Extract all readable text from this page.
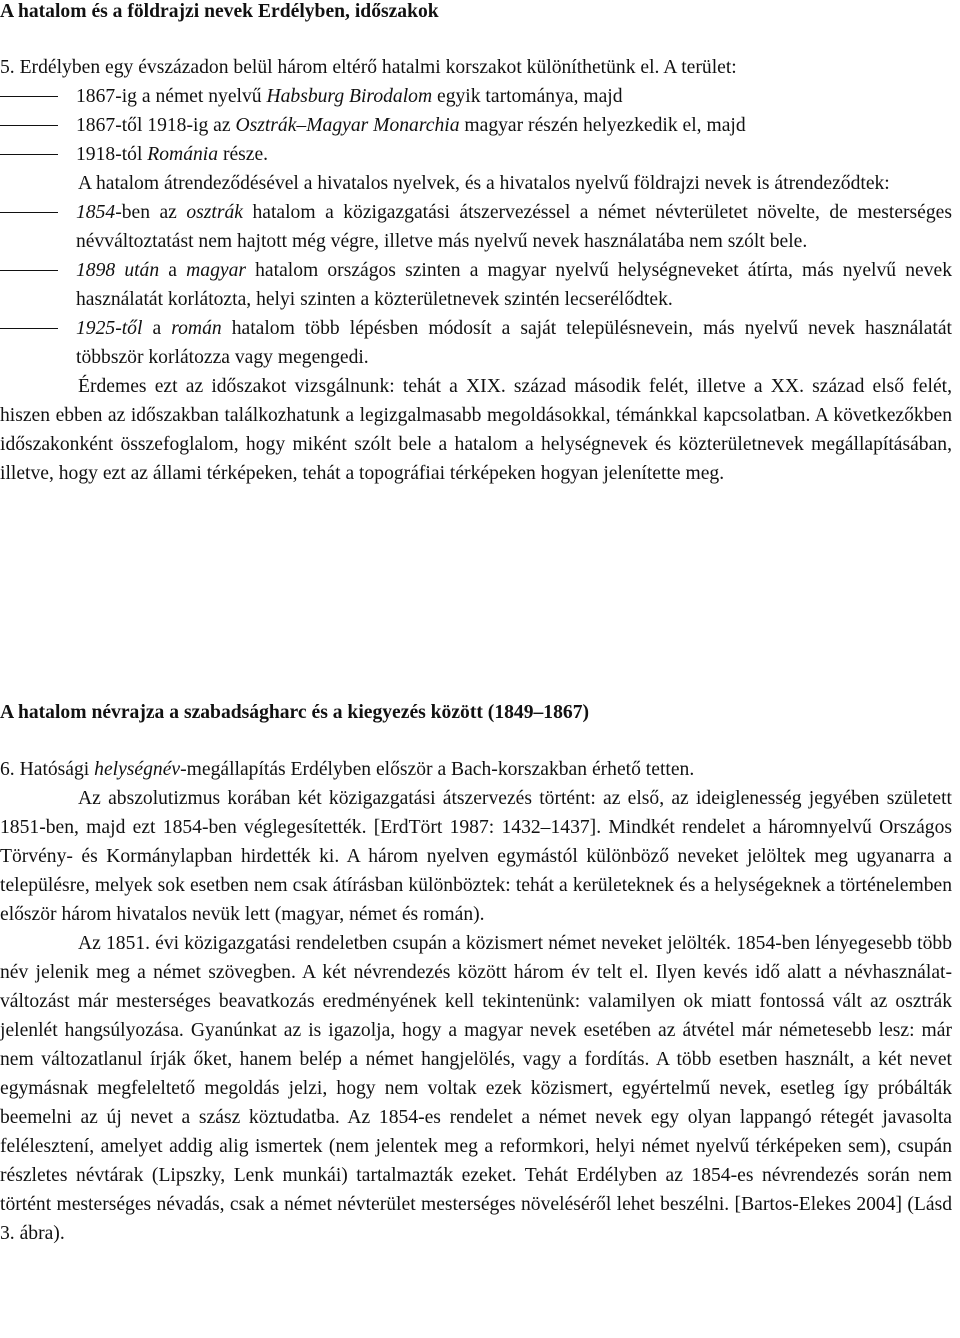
A hatalom és a földrajzi nevek Erdélyben, időszakok

5. Erdélyben egy évszázadon belül három eltérő hatalmi korszakot különíthetünk el. A terület:

1867-ig a német nyelvű Habsburg Birodalom egyik tartománya, majd

1867-től 1918-ig az Osztrák–Magyar Monarchia magyar részén helyezkedik el, majd

1918-tól Románia része.

A hatalom átrendeződésével a hivatalos nyelvek, és a hivatalos nyelvű földrajzi nevek is átrendeződtek:

1854-ben az osztrák hatalom a közigazgatási átszervezéssel a német névterületet növelte, de mesterséges névváltoztatást nem hajtott még végre, illetve más nyelvű nevek használatába nem szólt bele.

1898 után a magyar hatalom országos szinten a magyar nyelvű helységneveket átírta, más nyelvű nevek használatát korlátozta, helyi szinten a közterületnevek szintén lecserélődtek.

1925-től a román hatalom több lépésben módosít a saját településnevein, más nyelvű nevek használatát többször korlátozza vagy megengedi.

Érdemes ezt az időszakot vizsgálnunk: tehát a XIX. század második felét, illetve a XX. század első felét, hiszen ebben az időszakban találkozhatunk a legizgalmasabb megoldásokkal, témánkkal kapcsolatban. A következőkben időszakonként összefoglalom, hogy miként szólt bele a hatalom a helységnevek és közterületnevek megállapításában, illetve, hogy ezt az állami térképeken, tehát a topográfiai térképeken hogyan jelenítette meg.

A hatalom névrajza a szabadságharc és a kiegyezés között (1849–1867)

6. Hatósági helységnév-megállapítás Erdélyben először a Bach-korszakban érhető tetten.

Az abszolutizmus korában két közigazgatási átszervezés történt: az első, az ideiglenesség jegyében született 1851-ben, majd ezt 1854-ben véglegesítették. [ErdTört 1987: 1432–1437]. Mindkét rendelet a háromnyelvű Országos Törvény- és Kormánylapban hirdették ki. A három nyelven egymástól különböző neveket jelöltek meg ugyanarra a településre, melyek sok esetben nem csak átírásban különböztek: tehát a kerületeknek és a helységeknek a történelemben először három hivatalos nevük lett (magyar, német és román).

Az 1851. évi közigazgatási rendeletben csupán a közismert német neveket jelölték. 1854-ben lényegesebb több név jelenik meg a német szövegben. A két névrendezés között három év telt el. Ilyen kevés idő alatt a névhasználat-változást már mesterséges beavatkozás eredményének kell tekintenünk: valamilyen ok miatt fontossá vált az osztrák jelenlét hangsúlyozása. Gyanúnkat az is igazolja, hogy a magyar nevek esetében az átvétel már németesebb lesz: már nem változatlanul írják őket, hanem belép a német hangjelölés, vagy a fordítás. A több esetben használt, a két nevet egymásnak megfeleltető megoldás jelzi, hogy nem voltak ezek közismert, egyértelmű nevek, esetleg így próbálták beemelni az új nevet a szász köztudatba. Az 1854-es rendelet a német nevek egy olyan lappangó rétegét javasolta felélesztení, amelyet addig alig ismertek (nem jelentek meg a reformkori, helyi német nyelvű térképeken sem), csupán részletes névtárak (Lipszky, Lenk munkái) tartalmazták ezeket. Tehát Erdélyben az 1854-es névrendezés során nem történt mesterséges névadás, csak a német névterület mesterséges növeléséről lehet beszélni. [Bartos-Elekes 2004] (Lásd 3. ábra).
